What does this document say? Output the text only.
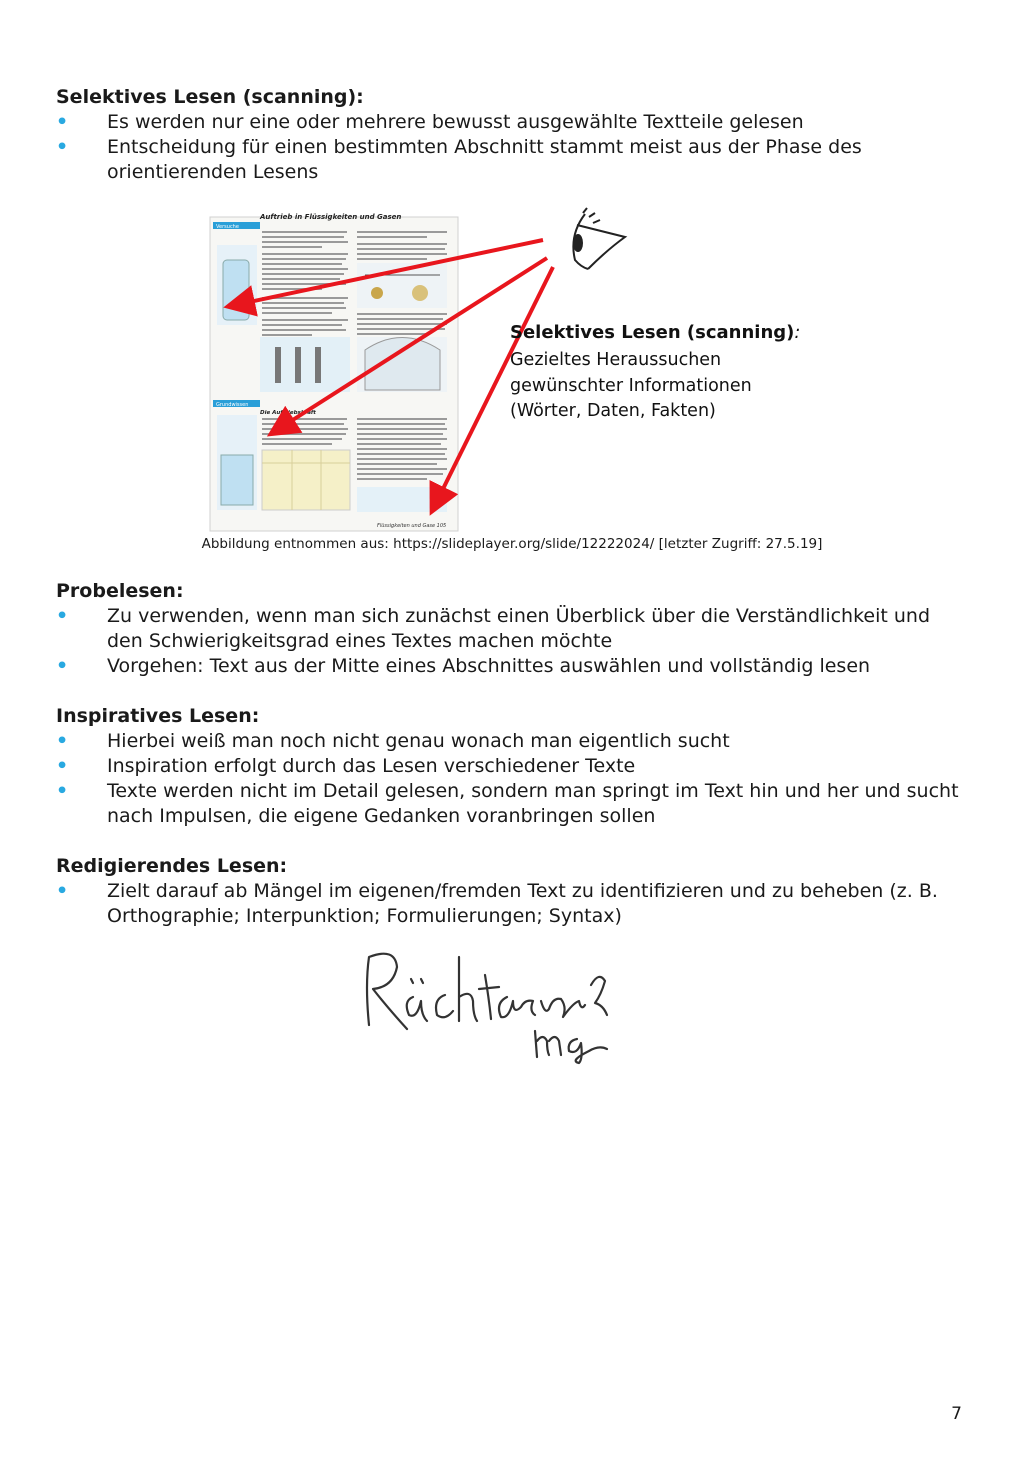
Selektives Lesen (scanning):

• Es werden nur eine oder mehrere bewusst ausgewählte Textteile gelesen
• Entscheidung für einen bestimmten Abschnitt stammt meist aus der Phase des orientierenden Lesens
Auftrieb in Flüssigkeiten und Gasen
Versuche
Grundwissen
Die Auftriebskraft
Flüssigkeiten und Gase 105
Selektives Lesen (scanning):
Gezieltes Heraussuchen
gewünschter Informationen
(Wörter, Daten, Fakten)
Abbildung entnommen aus: https://slideplayer.org/slide/12222024/ [letzter Zugriff: 27.5.19]

Probelesen:

• Zu verwenden, wenn man sich zunächst einen Überblick über die Verständlichkeit und den Schwierigkeitsgrad eines Textes machen möchte
• Vorgehen: Text aus der Mitte eines Abschnittes auswählen und vollständig lesen

Inspiratives Lesen:

• Hierbei weiß man noch nicht genau wonach man eigentlich sucht
• Inspiration erfolgt durch das Lesen verschiedener Texte
• Texte werden nicht im Detail gelesen, sondern man springt im Text hin und her und sucht nach Impulsen, die eigene Gedanken voranbringen sollen

Redigierendes Lesen:

• Zielt darauf ab Mängel im eigenen/fremden Text zu identifizieren und zu beheben (z. B. Orthographie; Interpunktion; Formulierungen; Syntax)
7
